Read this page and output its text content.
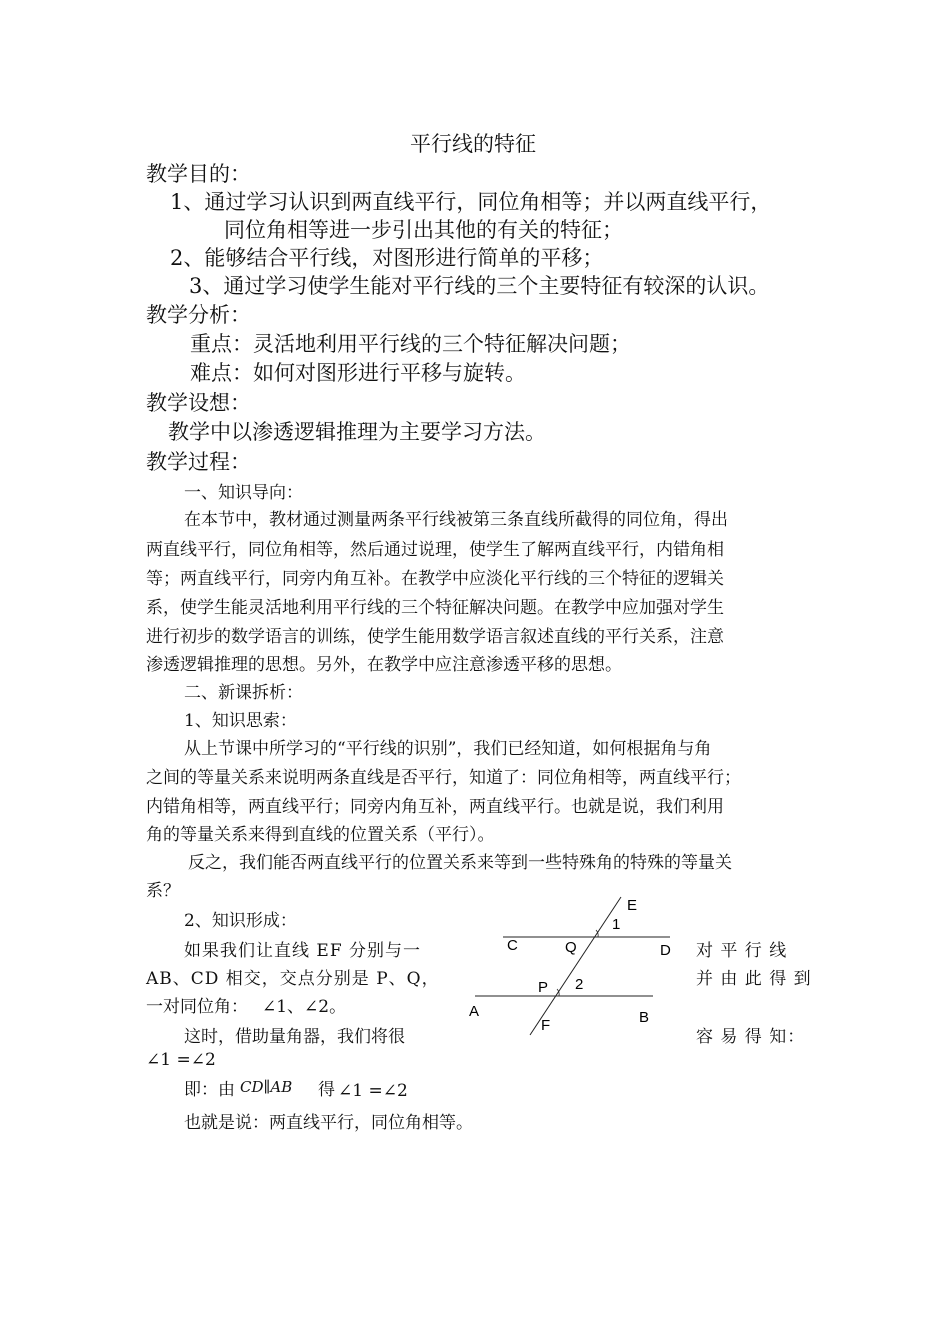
平行线的特征
教学目的：
1、通过学习认识到两直线平行，同位角相等；并以两直线平行，
同位角相等进一步引出其他的有关的特征；
2、能够结合平行线，对图形进行简单的平移；
3、通过学习使学生能对平行线的三个主要特征有较深的认识。
教学分析：
重点：灵活地利用平行线的三个特征解决问题；
难点：如何对图形进行平移与旋转。
教学设想：
教学中以渗透逻辑推理为主要学习方法。
教学过程：
一、知识导向：
在本节中，教材通过测量两条平行线被第三条直线所截得的同位角，得出
两直线平行，同位角相等，然后通过说理，使学生了解两直线平行，内错角相
等；两直线平行，同旁内角互补。在教学中应淡化平行线的三个特征的逻辑关
系，使学生能灵活地利用平行线的三个特征解决问题。在教学中应加强对学生
进行初步的数学语言的训练，使学生能用数学语言叙述直线的平行关系，注意
渗透逻辑推理的思想。另外，在教学中应注意渗透平移的思想。
二、新课拆析：
1、知识思索：
从上节课中所学习的“平行线的识别”，我们已经知道，如何根据角与角
之间的等量关系来说明两条直线是否平行，知道了：同位角相等，两直线平行；
内错角相等，两直线平行；同旁内角互补，两直线平行。也就是说，我们利用
角的等量关系来得到直线的位置关系（平行）。
反之，我们能否两直线平行的位置关系来等到一些特殊角的特殊的等量关
系？
2、知识形成：
如果我们让直线 EF 分别与一
AB、CD 相交，交点分别是 P、Q，
一对同位角： ∠1、∠2。
对 平 行 线
并 由 此 得 到
这时，借助量角器，我们将很	容 易 得 知：
∠1 =∠2
即：由 CD∥AB 得 ∠1 =∠2
也就是说：两直线平行，同位角相等。
E
1
C	Q	D
P 2
A
F	B
